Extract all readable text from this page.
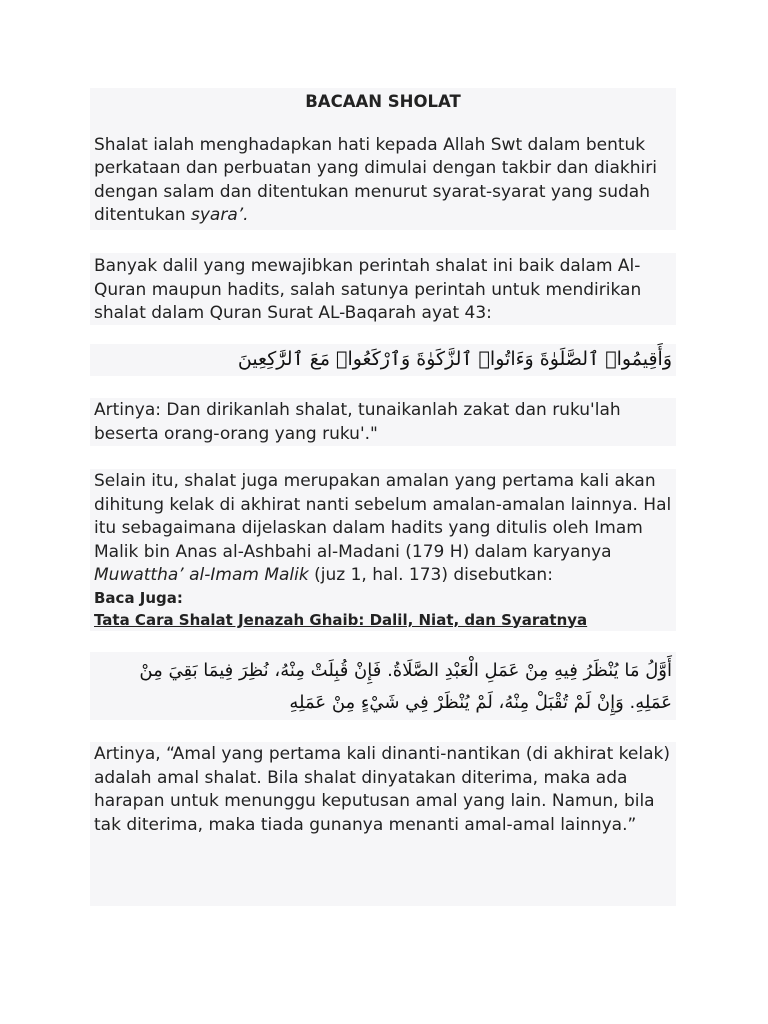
BACAAN SHOLAT

Shalat ialah menghadapkan hati kepada Allah Swt dalam bentuk perkataan dan perbuatan yang dimulai dengan takbir dan diakhiri dengan salam dan ditentukan menurut syarat-syarat yang sudah ditentukan syara’.

Banyak dalil yang mewajibkan perintah shalat ini baik dalam Al-Quran maupun hadits, salah satunya perintah untuk mendirikan shalat dalam Quran Surat AL-Baqarah ayat 43:

وَأَقِيمُوا۟ ٱلصَّلَوٰةَ وَءَاتُوا۟ ٱلزَّكَوٰةَ وَٱرْكَعُوا۟ مَعَ ٱلرَّٰكِعِينَ

Artinya: Dan dirikanlah shalat, tunaikanlah zakat dan ruku'lah beserta orang-orang yang ruku'."

Selain itu, shalat juga merupakan amalan yang pertama kali akan dihitung kelak di akhirat nanti sebelum amalan-amalan lainnya. Hal itu sebagaimana dijelaskan dalam hadits yang ditulis oleh Imam Malik bin Anas al-Ashbahi al-Madani (179 H) dalam karyanya Muwattha’ al-Imam Malik (juz 1, hal. 173) disebutkan:

Baca Juga:
Tata Cara Shalat Jenazah Ghaib: Dalil, Niat, dan Syaratnya
أَوَّلُ مَا يُنْظَرُ فِيهِ مِنْ عَمَلِ الْعَبْدِ الصَّلَاةُ. فَإِنْ قُبِلَتْ مِنْهُ، نُظِرَ فِيمَا بَقِيَ مِنْ عَمَلِهِ. وَإِنْ لَمْ تُقْبَلْ مِنْهُ، لَمْ يُنْظَرْ فِي شَيْءٍ مِنْ عَمَلِهِ

Artinya, “Amal yang pertama kali dinanti-nantikan (di akhirat kelak) adalah amal shalat. Bila shalat dinyatakan diterima, maka ada harapan untuk menunggu keputusan amal yang lain. Namun, bila tak diterima, maka tiada gunanya menanti amal-amal lainnya.”
